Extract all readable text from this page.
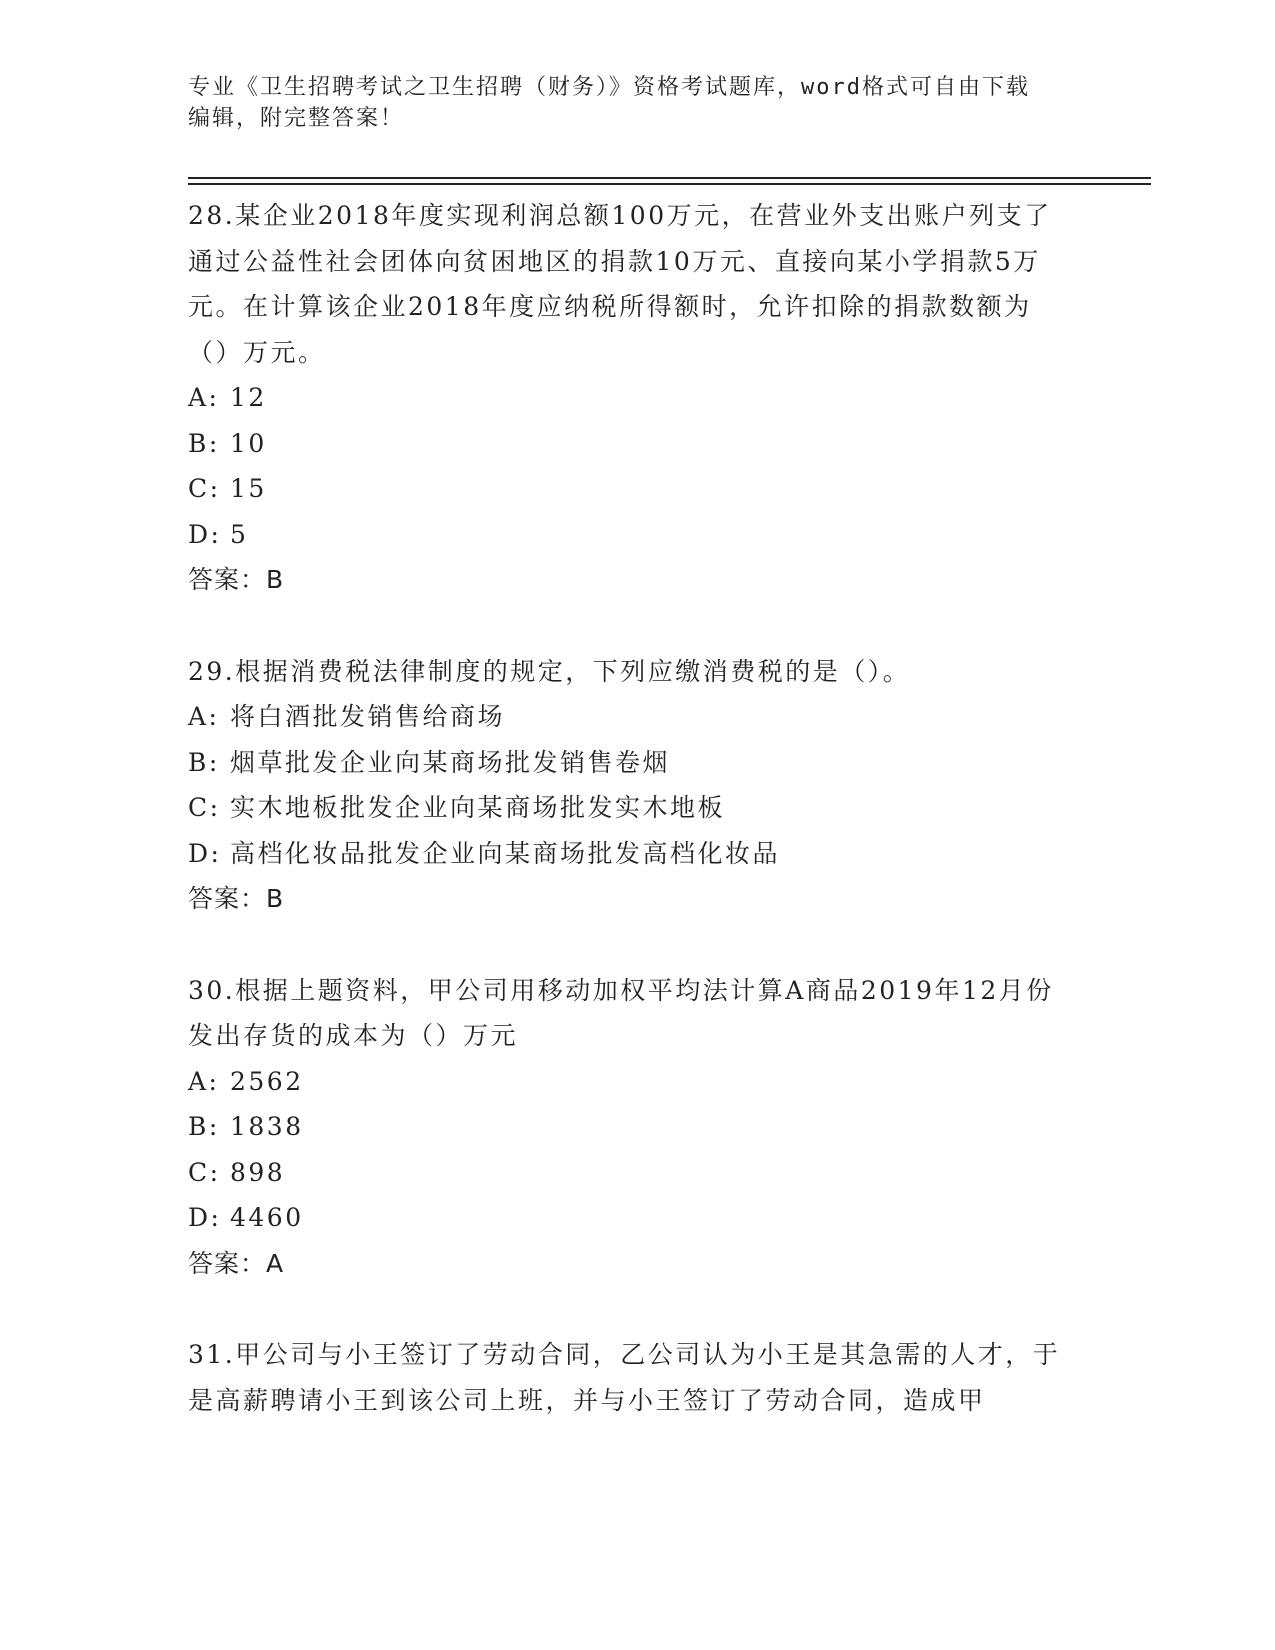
专业《卫生招聘考试之卫生招聘（财务）》资格考试题库，word格式可自由下载
编辑，附完整答案！
28.某企业2018年度实现利润总额100万元，在营业外支出账户列支了通过公益性社会团体向贫困地区的捐款10万元、直接向某小学捐款5万元。在计算该企业2018年度应纳税所得额时，允许扣除的捐款数额为（）万元。
A: 12
B: 10
C: 15
D: 5
答案：B
29.根据消费税法律制度的规定，下列应缴消费税的是（）。
A: 将白酒批发销售给商场
B: 烟草批发企业向某商场批发销售卷烟
C: 实木地板批发企业向某商场批发实木地板
D: 高档化妆品批发企业向某商场批发高档化妆品
答案：B
30.根据上题资料，甲公司用移动加权平均法计算A商品2019年12月份发出存货的成本为（）万元
A: 2562
B: 1838
C: 898
D: 4460
答案：A
31.甲公司与小王签订了劳动合同，乙公司认为小王是其急需的人才，于是高薪聘请小王到该公司上班，并与小王签订了劳动合同，造成甲
